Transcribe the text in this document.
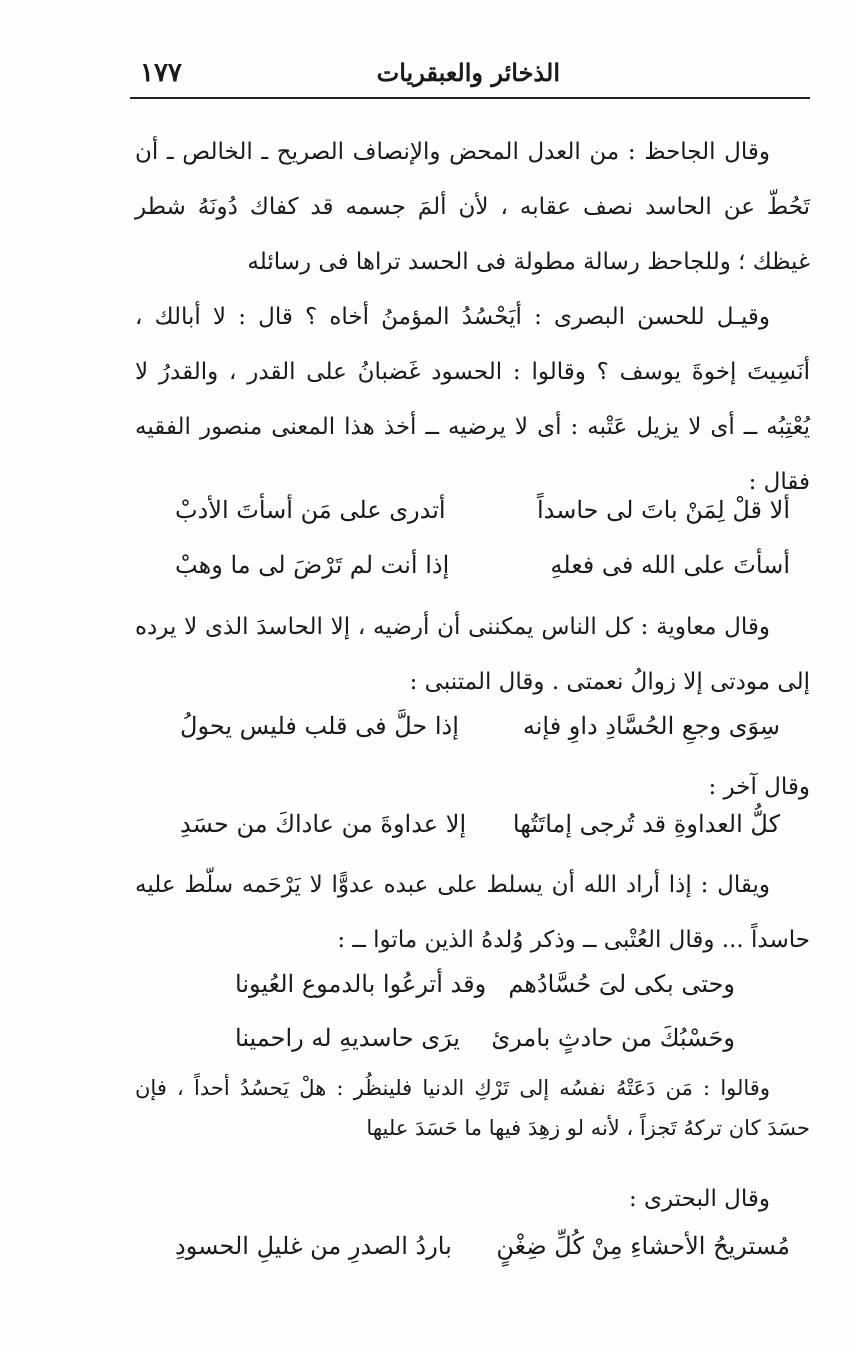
الذخائر والعبقريات
١٧٧

وقال الجاحظ : من العدل المحض والإنصاف الصريح ـ الخالص ـ أن تَحُطّ عن الحاسد نصف عقابه ، لأن ألمَ جسمه قد كفاك دُونَهُ شطر غيظك ؛ وللجاحظ رسالة مطولة فى الحسد تراها فى رسائله

وقيـل للحسن البصرى : أيَحْسُدُ المؤمنُ أخاه ؟ قال : لا أبالك ، أنَسِيتَ إخوةَ يوسف ؟ وقالوا : الحسود غَضبانُ على القدر ، والقدرُ لا يُعْتِبُه ــ أى لا يزيل عَتْبه : أى لا يرضيه ــ أخذ هذا المعنى منصور الفقيه فقال :

ألا قلْ لِمَنْ باتَ لى حاسداً
أتدرى على مَن أسأتَ الأدبْ
أسأتَ على الله فى فعلهِ
إذا أنت لم تَرْضَ لى ما وهبْ

وقال معاوية : كل الناس يمكننى أن أرضيه ، إلا الحاسدَ الذى لا يرده إلى مودتى إلا زوالُ نعمتى . وقال المتنبى :

سِوَى وجعِ الحُسَّادِ داوِ فإنه
إذا حلَّ فى قلب فليس يحولُ
وقال آخر :
كلُّ العداوةِ قد تُرجى إماتَتُها
إلا عداوةَ من عاداكَ من حسَدِ

ويقال : إذا أراد الله أن يسلط على عبده عدوًّا لا يَرْحَمه سلّط عليه حاسداً ... وقال العُتْبى ــ وذكر وُلدهُ الذين ماتوا ــ :

وحتى بكى لىَ حُسَّادُهم
وقد أترعُوا بالدموع العُيونا
وحَسْبُكَ من حادثٍ بامرئ
يرَى حاسديهِ له راحمينا

وقالوا : مَن دَعَتْهُ نفسُه إلى تَرْكِ الدنيا فلينظُر : هلْ يَحسُدُ أحداً ، فإن حسَدَ كان تركهُ تَجزاً ، لأنه لو زهِدَ فيها ما حَسَدَ عليها

وقال البحترى :
مُستريحُ الأحشاءِ مِنْ كُلِّ ضِغْنٍ
باردُ الصدرِ من غليلِ الحسودِ
